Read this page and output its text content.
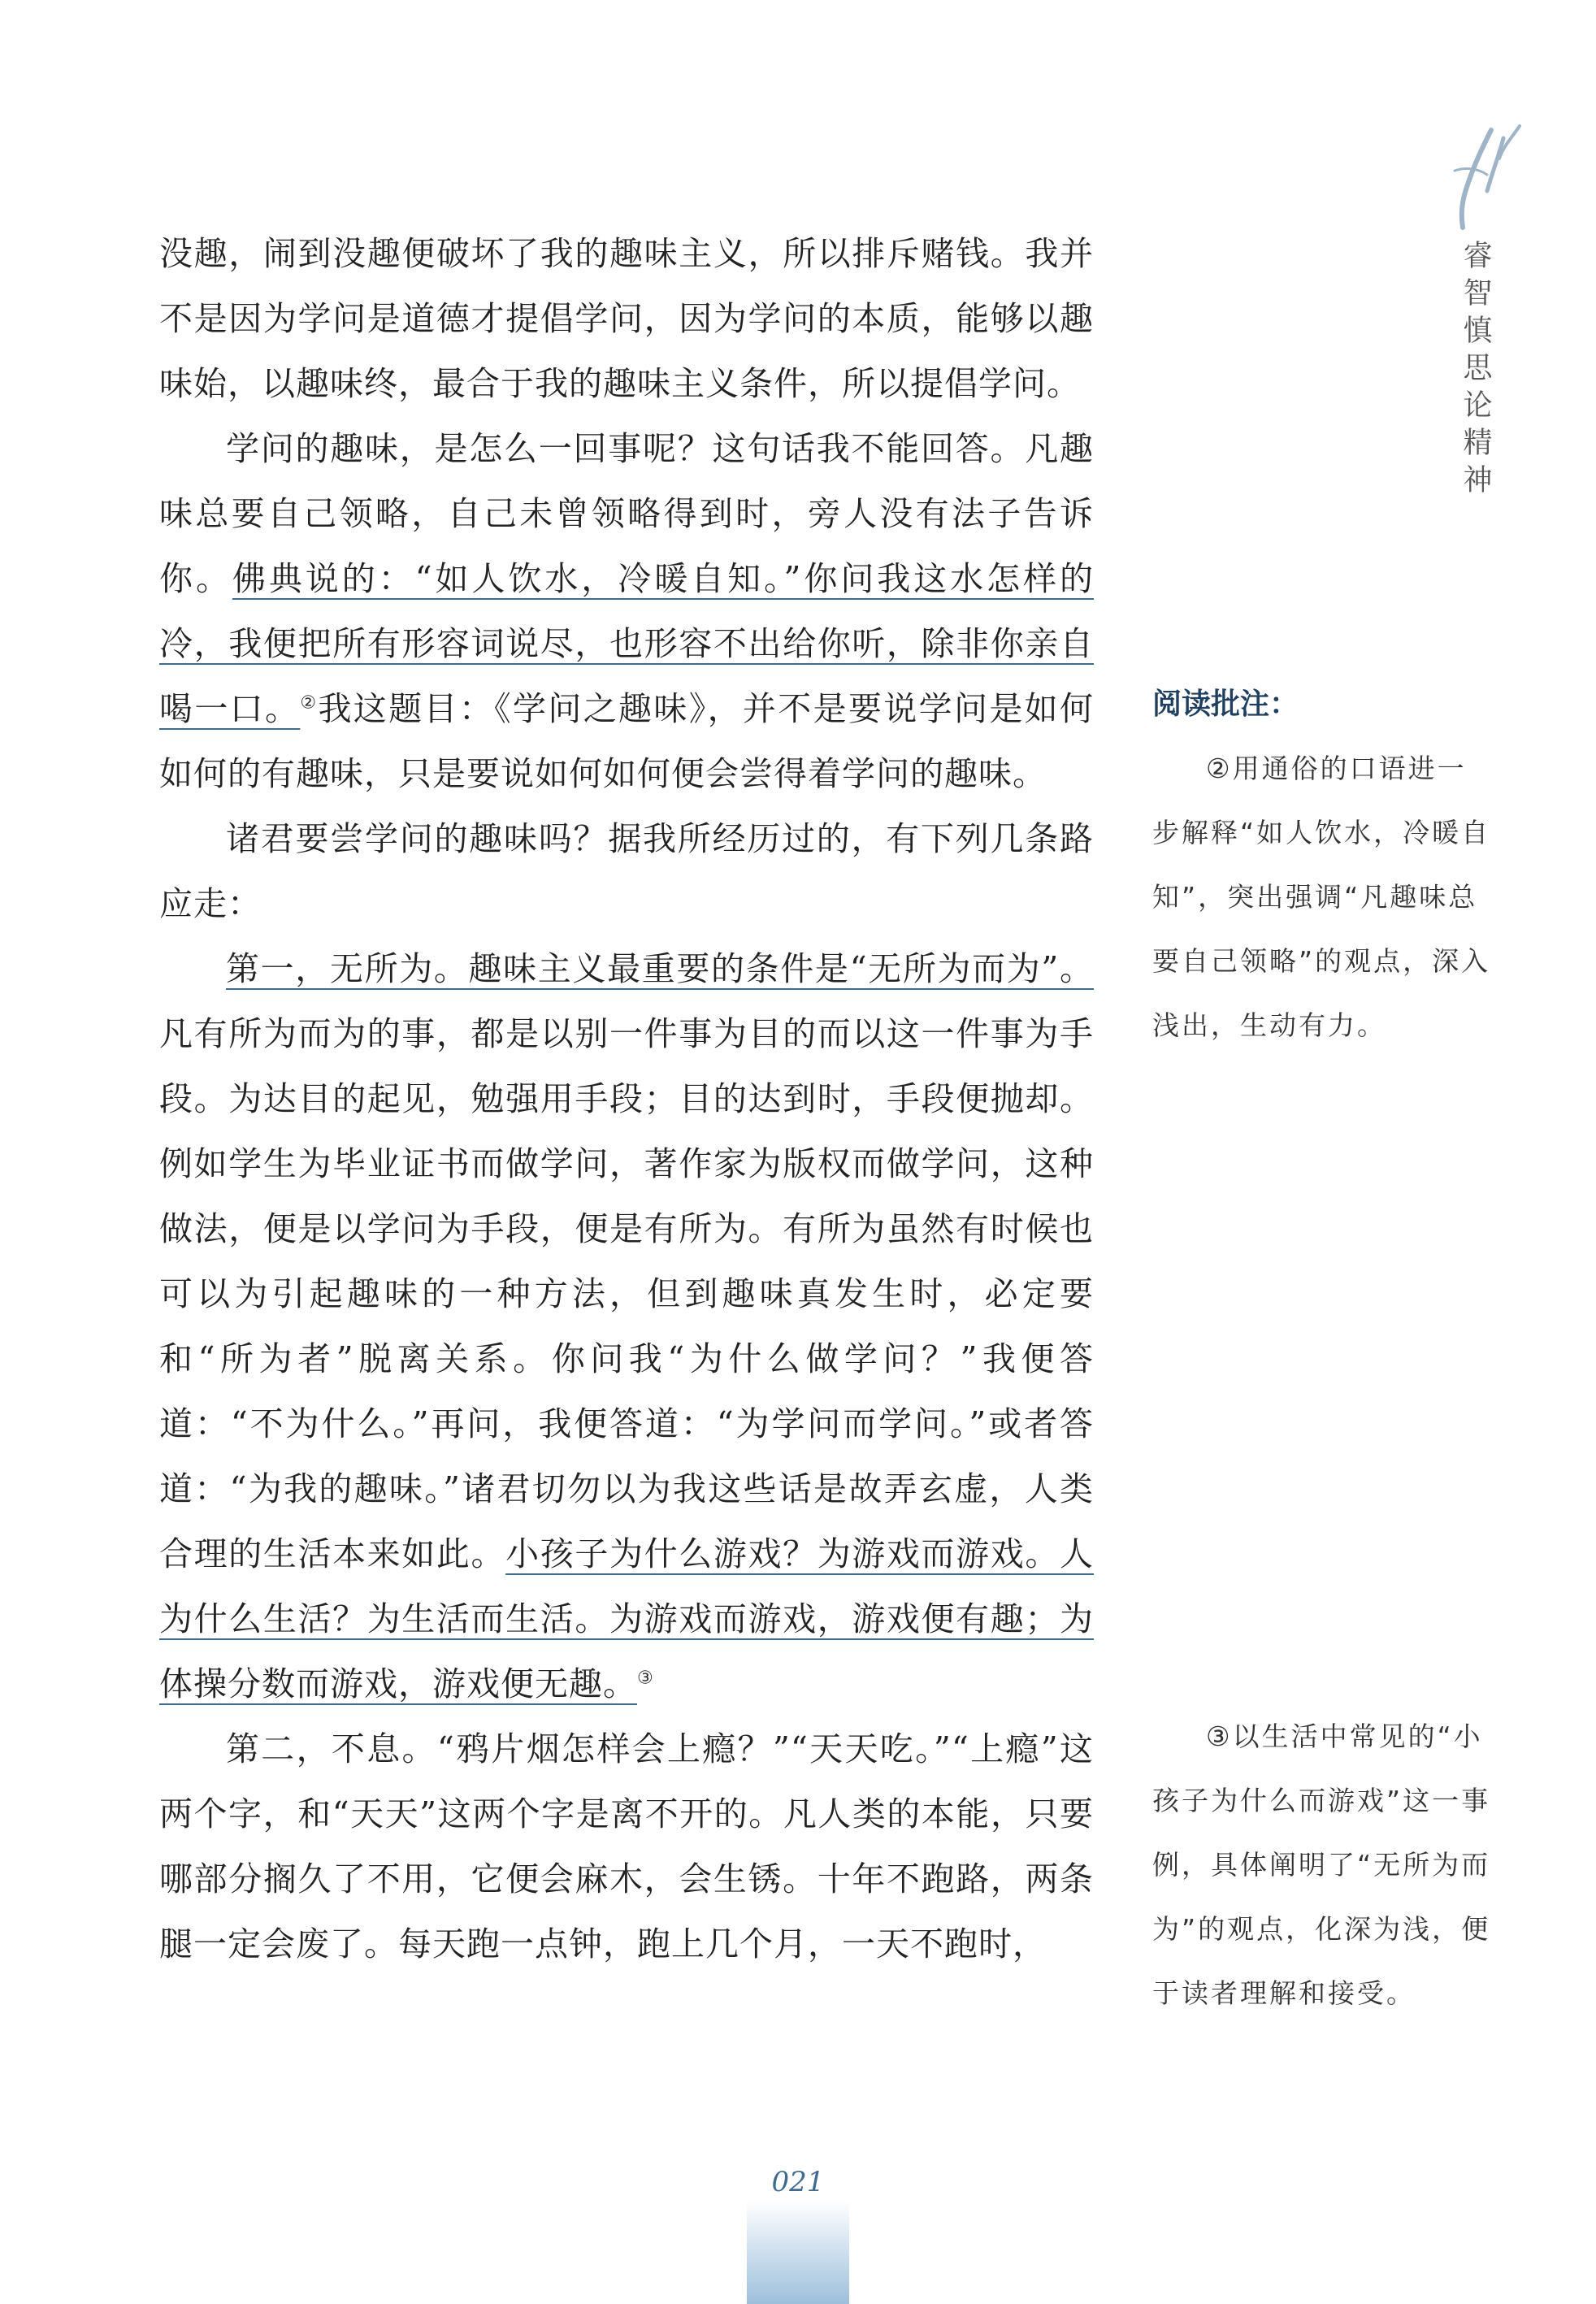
睿智慎思论精神

没趣，闹到没趣便破坏了我的趣味主义，所以排斥赌钱。我并不是因为学问是道德才提倡学问，因为学问的本质，能够以趣味始，以趣味终，最合于我的趣味主义条件，所以提倡学问。

学问的趣味，是怎么一回事呢？这句话我不能回答。凡趣味总要自己领略，自己未曾领略得到时，旁人没有法子告诉你。佛典说的：“如人饮水，冷暖自知。”你问我这水怎样的冷，我便把所有形容词说尽，也形容不出给你听，除非你亲自喝一口。②我这题目：《学问之趣味》，并不是要说学问是如何如何的有趣味，只是要说如何如何便会尝得着学问的趣味。

诸君要尝学问的趣味吗？据我所经历过的，有下列几条路应走：

第一，无所为。趣味主义最重要的条件是“无所为而为”。凡有所为而为的事，都是以别一件事为目的而以这一件事为手段。为达目的起见，勉强用手段；目的达到时，手段便抛却。例如学生为毕业证书而做学问，著作家为版权而做学问，这种做法，便是以学问为手段，便是有所为。有所为虽然有时候也可以为引起趣味的一种方法，但到趣味真发生时，必定要和“所为者”脱离关系。你问我“为什么做学问？”我便答道：“不为什么。”再问，我便答道：“为学问而学问。”或者答道：“为我的趣味。”诸君切勿以为我这些话是故弄玄虚，人类合理的生活本来如此。小孩子为什么游戏？为游戏而游戏。人为什么生活？为生活而生活。为游戏而游戏，游戏便有趣；为体操分数而游戏，游戏便无趣。③

第二，不息。“鸦片烟怎样会上瘾？”“天天吃。”“上瘾”这两个字，和“天天”这两个字是离不开的。凡人类的本能，只要哪部分搁久了不用，它便会麻木，会生锈。十年不跑路，两条腿一定会废了。每天跑一点钟，跑上几个月，一天不跑时，

阅读批注：

②用通俗的口语进一步解释“如人饮水，冷暖自知”，突出强调“凡趣味总要自己领略”的观点，深入浅出，生动有力。

③以生活中常见的“小孩子为什么而游戏”这一事例，具体阐明了“无所为而为”的观点，化深为浅，便于读者理解和接受。

021
